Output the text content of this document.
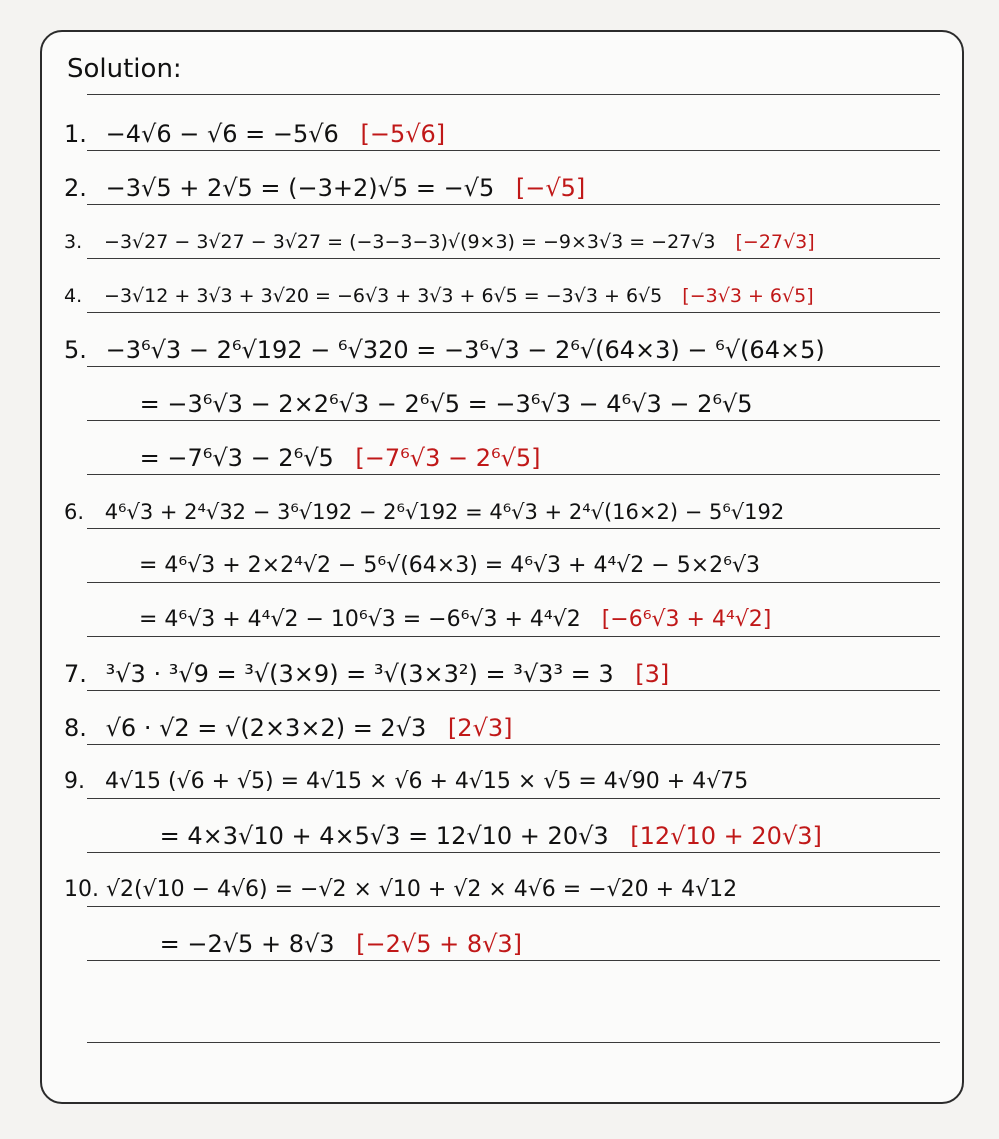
Solution:
1. −4√6 − √6 = −5√6 [−5√6]
2. −3√5 + 2√5 = (−3+2)√5 = −√5 [−√5]
3. −3√27 − 3√27 − 3√27 = (−3−3−3)√(9×3) = −9×3√3 = −27√3 [−27√3]
4. −3√12 + 3√3 + 3√20 = −6√3 + 3√3 + 6√5 = −3√3 + 6√5 [−3√3 + 6√5]
5. −3⁶√3 − 2⁶√192 − ⁶√320 = −3⁶√3 − 2⁶√(64×3) − ⁶√(64×5)
= −3⁶√3 − 2×2⁶√3 − 2⁶√5 = −3⁶√3 − 4⁶√3 − 2⁶√5
= −7⁶√3 − 2⁶√5 [−7⁶√3 − 2⁶√5]
6. 4⁶√3 + 2⁴√32 − 3⁶√192 − 2⁶√192 = 4⁶√3 + 2⁴√(16×2) − 5⁶√192
= 4⁶√3 + 2×2⁴√2 − 5⁶√(64×3) = 4⁶√3 + 4⁴√2 − 5×2⁶√3
= 4⁶√3 + 4⁴√2 − 10⁶√3 = −6⁶√3 + 4⁴√2 [−6⁶√3 + 4⁴√2]
7. ³√3 · ³√9 = ³√(3×9) = ³√(3×3²) = ³√3³ = 3 [3]
8. √6 · √2 = √(2×3×2) = 2√3 [2√3]
9. 4√15 (√6 + √5) = 4√15 × √6 + 4√15 × √5 = 4√90 + 4√75
= 4×3√10 + 4×5√3 = 12√10 + 20√3 [12√10 + 20√3]
10. √2(√10 − 4√6) = −√2 × √10 + √2 × 4√6 = −√20 + 4√12
= −2√5 + 8√3 [−2√5 + 8√3]
